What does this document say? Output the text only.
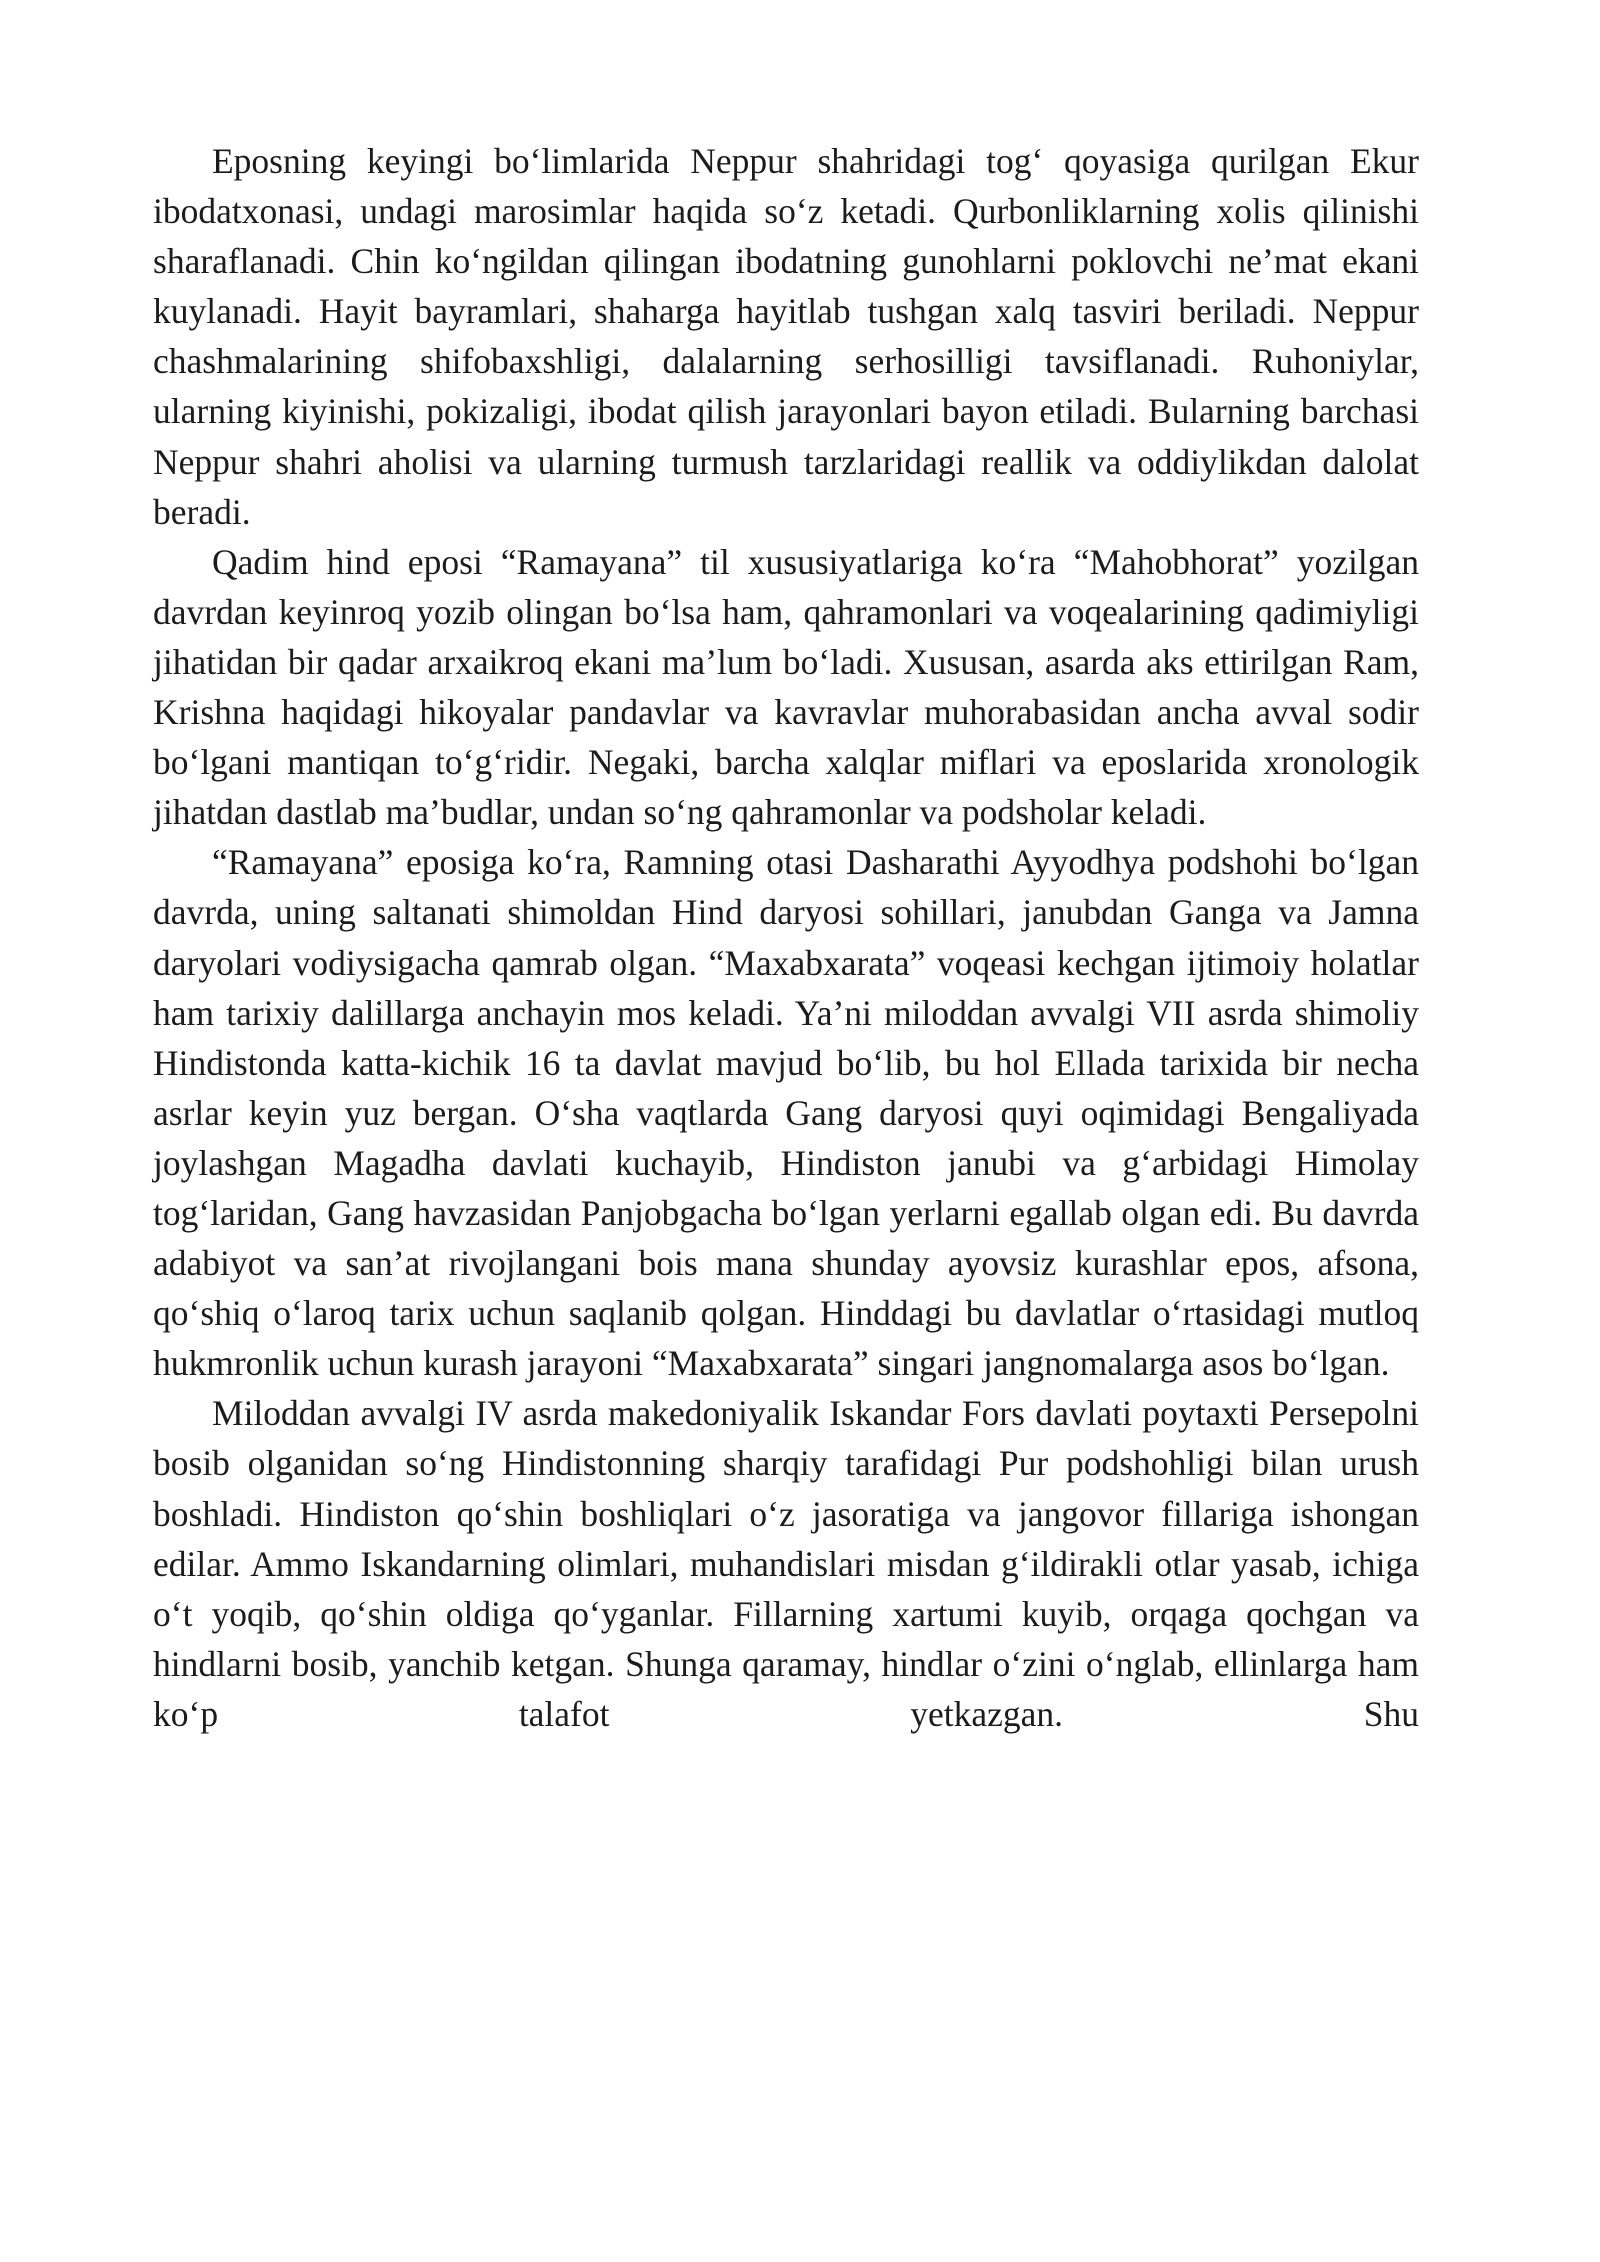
Eposning keyingi bo‘limlarida Neppur shahridagi tog‘ qoyasiga qurilgan Ekur ibodatxonasi, undagi marosimlar haqida so‘z ketadi. Qurbonliklarning xolis qilinishi sharaflanadi. Chin ko‘ngildan qilingan ibodatning gunohlarni poklovchi ne’mat ekani kuylanadi. Hayit bayramlari, shaharga hayitlab tushgan xalq tasviri beriladi. Neppur chashmalarining shifobaxshligi, dalalarning serhosilligi tavsiflanadi. Ruhoniylar, ularning kiyinishi, pokizaligi, ibodat qilish jarayonlari bayon etiladi. Bularning barchasi Neppur shahri aholisi va ularning turmush tarzlaridagi reallik va oddiylikdan dalolat beradi.

Qadim hind eposi “Ramayana” til xususiyatlariga ko‘ra “Mahobhorat” yozilgan davrdan keyinroq yozib olingan bo‘lsa ham, qahramonlari va voqealarining qadimiyligi jihatidan bir qadar arxaikroq ekani ma’lum bo‘ladi. Xususan, asarda aks ettirilgan Ram, Krishna haqidagi hikoyalar pandavlar va kavravlar muhorabasidan ancha avval sodir bo‘lgani mantiqan to‘g‘ridir. Negaki, barcha xalqlar miflari va eposlarida xronologik jihatdan dastlab ma’budlar, undan so‘ng qahramonlar va podsholar keladi.

“Ramayana” eposiga ko‘ra, Ramning otasi Dasharathi Ayyodhya podshohi bo‘lgan davrda, uning saltanati shimoldan Hind daryosi sohillari, janubdan Ganga va Jamna daryolari vodiysigacha qamrab olgan. “Maxabxarata” voqeasi kechgan ijtimoiy holatlar ham tarixiy dalillarga anchayin mos keladi. Ya’ni miloddan avvalgi VII asrda shimoliy Hindistonda katta-kichik 16 ta davlat mavjud bo‘lib, bu hol Ellada tarixida bir necha asrlar keyin yuz bergan. O‘sha vaqtlarda Gang daryosi quyi oqimidagi Bengaliyada joylashgan Magadha davlati kuchayib, Hindiston janubi va g‘arbidagi Himolay tog‘laridan, Gang havzasidan Panjobgacha bo‘lgan yerlarni egallab olgan edi. Bu davrda adabiyot va san’at rivojlangani bois mana shunday ayovsiz kurashlar epos, afsona, qo‘shiq o‘laroq tarix uchun saqlanib qolgan. Hinddagi bu davlatlar o‘rtasidagi mutloq hukmronlik uchun kurash jarayoni “Maxabxarata” singari jangnomalarga asos bo‘lgan.

Miloddan avvalgi IV asrda makedoniyalik Iskandar Fors davlati poytaxti Persepolni bosib olganidan so‘ng Hindistonning sharqiy tarafidagi Pur podshohligi bilan urush boshladi. Hindiston qo‘shin boshliqlari o‘z jasoratiga va jangovor fillariga ishongan edilar. Ammo Iskandarning olimlari, muhandislari misdan g‘ildirakli otlar yasab, ichiga o‘t yoqib, qo‘shin oldiga qo‘yganlar. Fillarning xartumi kuyib, orqaga qochgan va hindlarni bosib, yanchib ketgan. Shunga qaramay, hindlar o‘zini o‘nglab, ellinlarga ham ko‘p talafot yetkazgan. Shu
